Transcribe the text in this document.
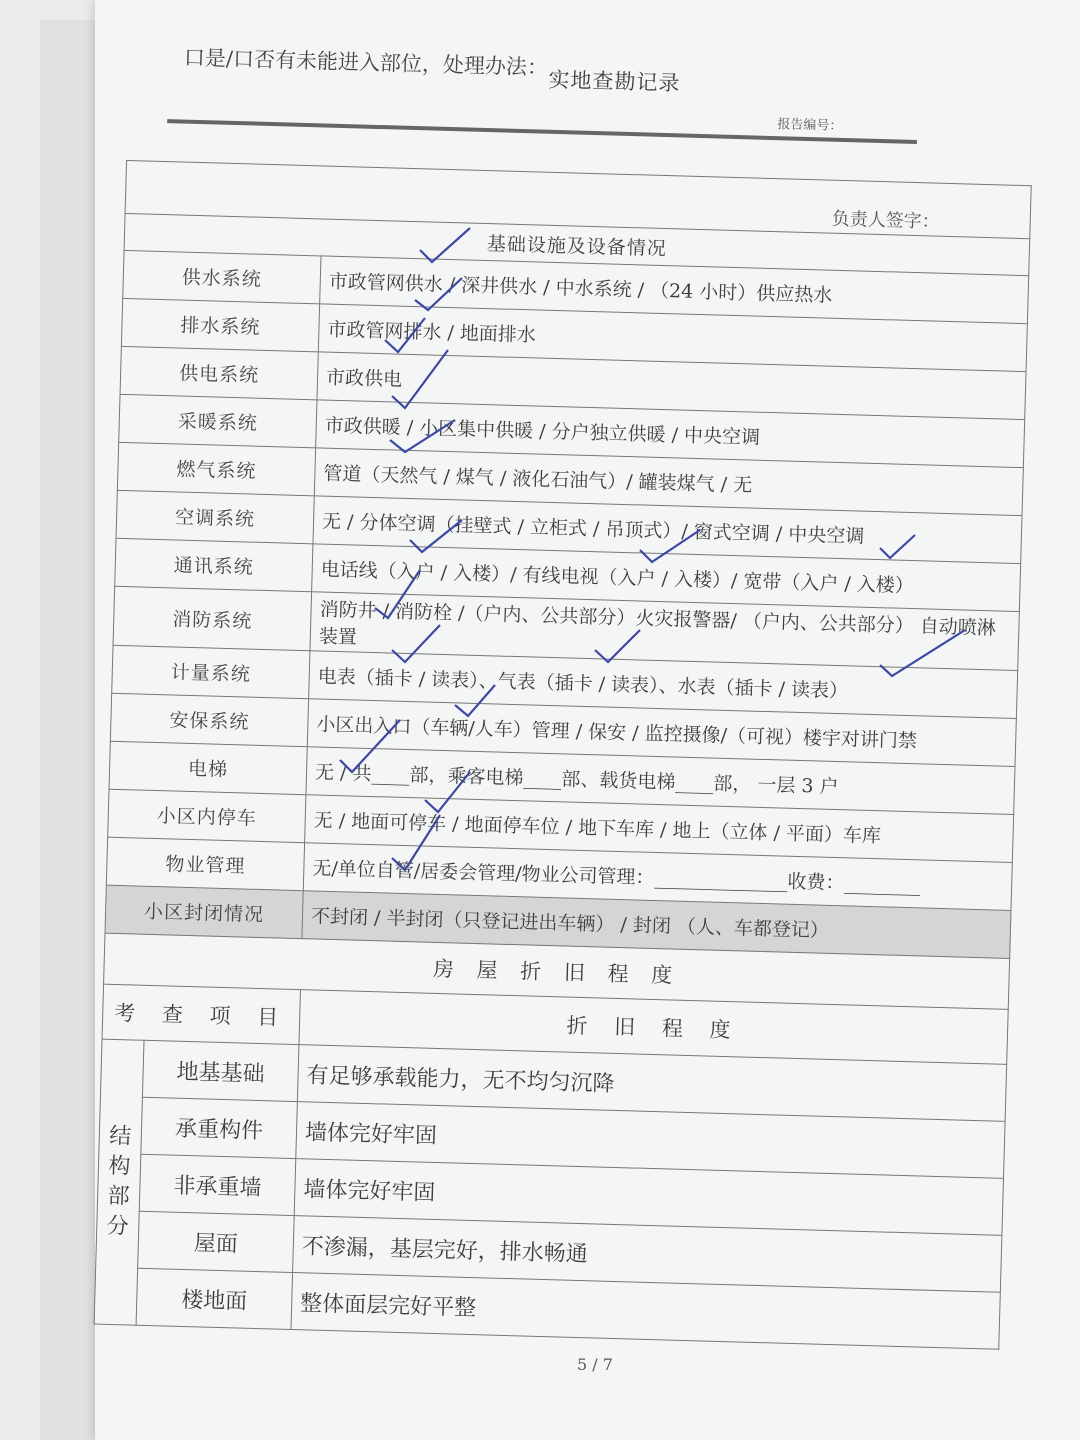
口是/口否有未能进入部位，处理办法：
实地查勘记录
报告编号：
负责人签字：		

基础设施及设备情况		
供水系统		市政管网供水 / 深井供水 / 中水系统 / （24 小时）供应热水
排水系统		市政管网排水 / 地面排水
供电系统		市政供电
采暖系统		市政供暖 / 小区集中供暖 / 分户独立供暖 / 中央空调
燃气系统		管道（天然气 / 煤气 / 液化石油气）/ 罐装煤气 / 无
空调系统		无 / 分体空调（挂壁式 / 立柜式 / 吊顶式）/ 窗式空调 / 中央空调
通讯系统		电话线（入户 / 入楼）/ 有线电视（入户 / 入楼）/ 宽带（入户 / 入楼）
消防系统		消防井 / 消防栓 /（户内、公共部分）火灾报警器/ （户内、公共部分） 自动喷淋装置
计量系统		电表（插卡 / 读表）、气表（插卡 / 读表）、水表（插卡 / 读表）
安保系统		小区出入口（车辆/人车）管理 / 保安 / 监控摄像/（可视）楼宇对讲门禁
电梯		无 / 共____部，乘客电梯____部、载货电梯____部， 一层 3 户
小区内停车		无 / 地面可停车 / 地面停车位 / 地下车库 / 地上（立体 / 平面）车库
物业管理		无/单位自管/居委会管理/物业公司管理：______________收费：________
小区封闭情况		不封闭 / 半封闭（只登记进出车辆） / 封闭 （人、车都登记）
房 屋 折 旧 程 度		
考 查 项 目		折 旧 程 度
结构部分	地基基础	有足够承载能力，无不均匀沉降
	承重构件	墙体完好牢固
	非承重墙	墙体完好牢固
	屋面	不渗漏，基层完好，排水畅通
	楼地面	整体面层完好平整
5 / 7
